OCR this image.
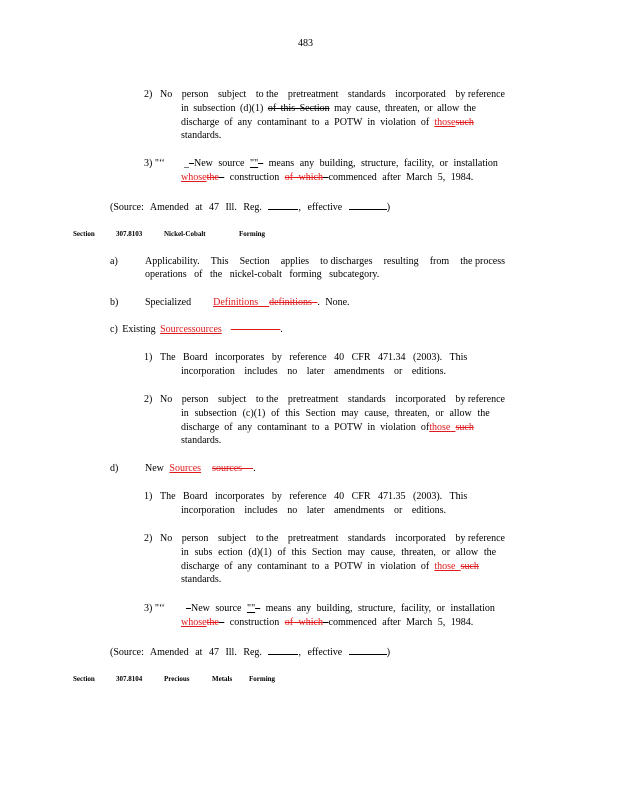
483
2) No person subject to the pretreatment standards incorporated by reference
in subsection (d)(1) of this Section may cause, threaten, or allow the
discharge of any contaminant to a POTW in violation of thosesuch
standards.
3) "‘‘ _–New source ""– means any building, structure, facility, or installation
whosethe construction of which commenced after March 5, 1984.
(Source: Amended at 47 Ill. Reg.	, effective	)
Section	307.8103	Nickel-Cobalt	Forming
a)	Applicability. This Section applies to discharges resulting from the process
operations of the nickel-cobalt forming subcategory.
b)	Specialized Definitions definitions . None.
c) Existing Sourcessources	.
1) The Board incorporates by reference 40 CFR 471.34 (2003). This
incorporation includes no later amendments or editions.
2) No person subject to the pretreatment standards incorporated by reference
in subsection (c)(1) of this Section may cause, threaten, or allow the
discharge of any contaminant to a POTW in violation ofthose such
standards.
d)	New Sources sources .
1) The Board incorporates by reference 40 CFR 471.35 (2003). This
incorporation includes no later amendments or editions.
2) No person subject to the pretreatment standards incorporated by reference
in subs ection (d)(1) of this Section may cause, threaten, or allow the
discharge of any contaminant to a POTW in violation of those such
standards.
3) "‘‘ –New source ""– means any building, structure, facility, or installation
whosethe construction of which commenced after March 5, 1984.
(Source: Amended at 47 Ill. Reg.	, effective	)
Section	307.8104	Precious	Metals Forming
